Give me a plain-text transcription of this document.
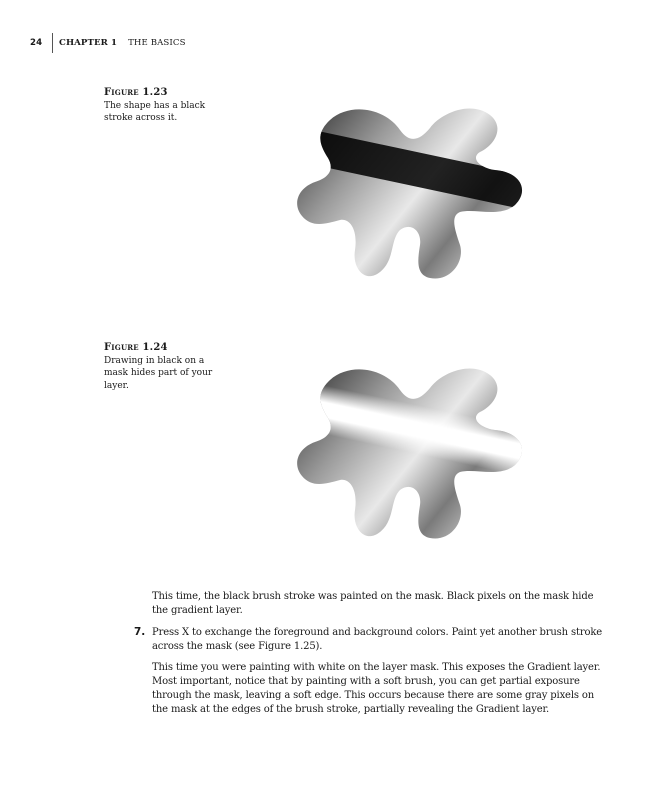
24	CHAPTER 1 THE BASICS
Figure 1.23
The shape has a black stroke across it.
Figure 1.24
Drawing in black on a mask hides part of your layer.

This time, the black brush stroke was painted on the mask. Black pixels on the mask hide the gradient layer.

7. Press X to exchange the foreground and background colors. Paint yet another brush stroke across the mask (see Figure 1.25).

This time you were painting with white on the layer mask. This exposes the Gradient layer. Most important, notice that by painting with a soft brush, you can get partial exposure through the mask, leaving a soft edge. This occurs because there are some gray pixels on the mask at the edges of the brush stroke, partially revealing the Gradient layer.
